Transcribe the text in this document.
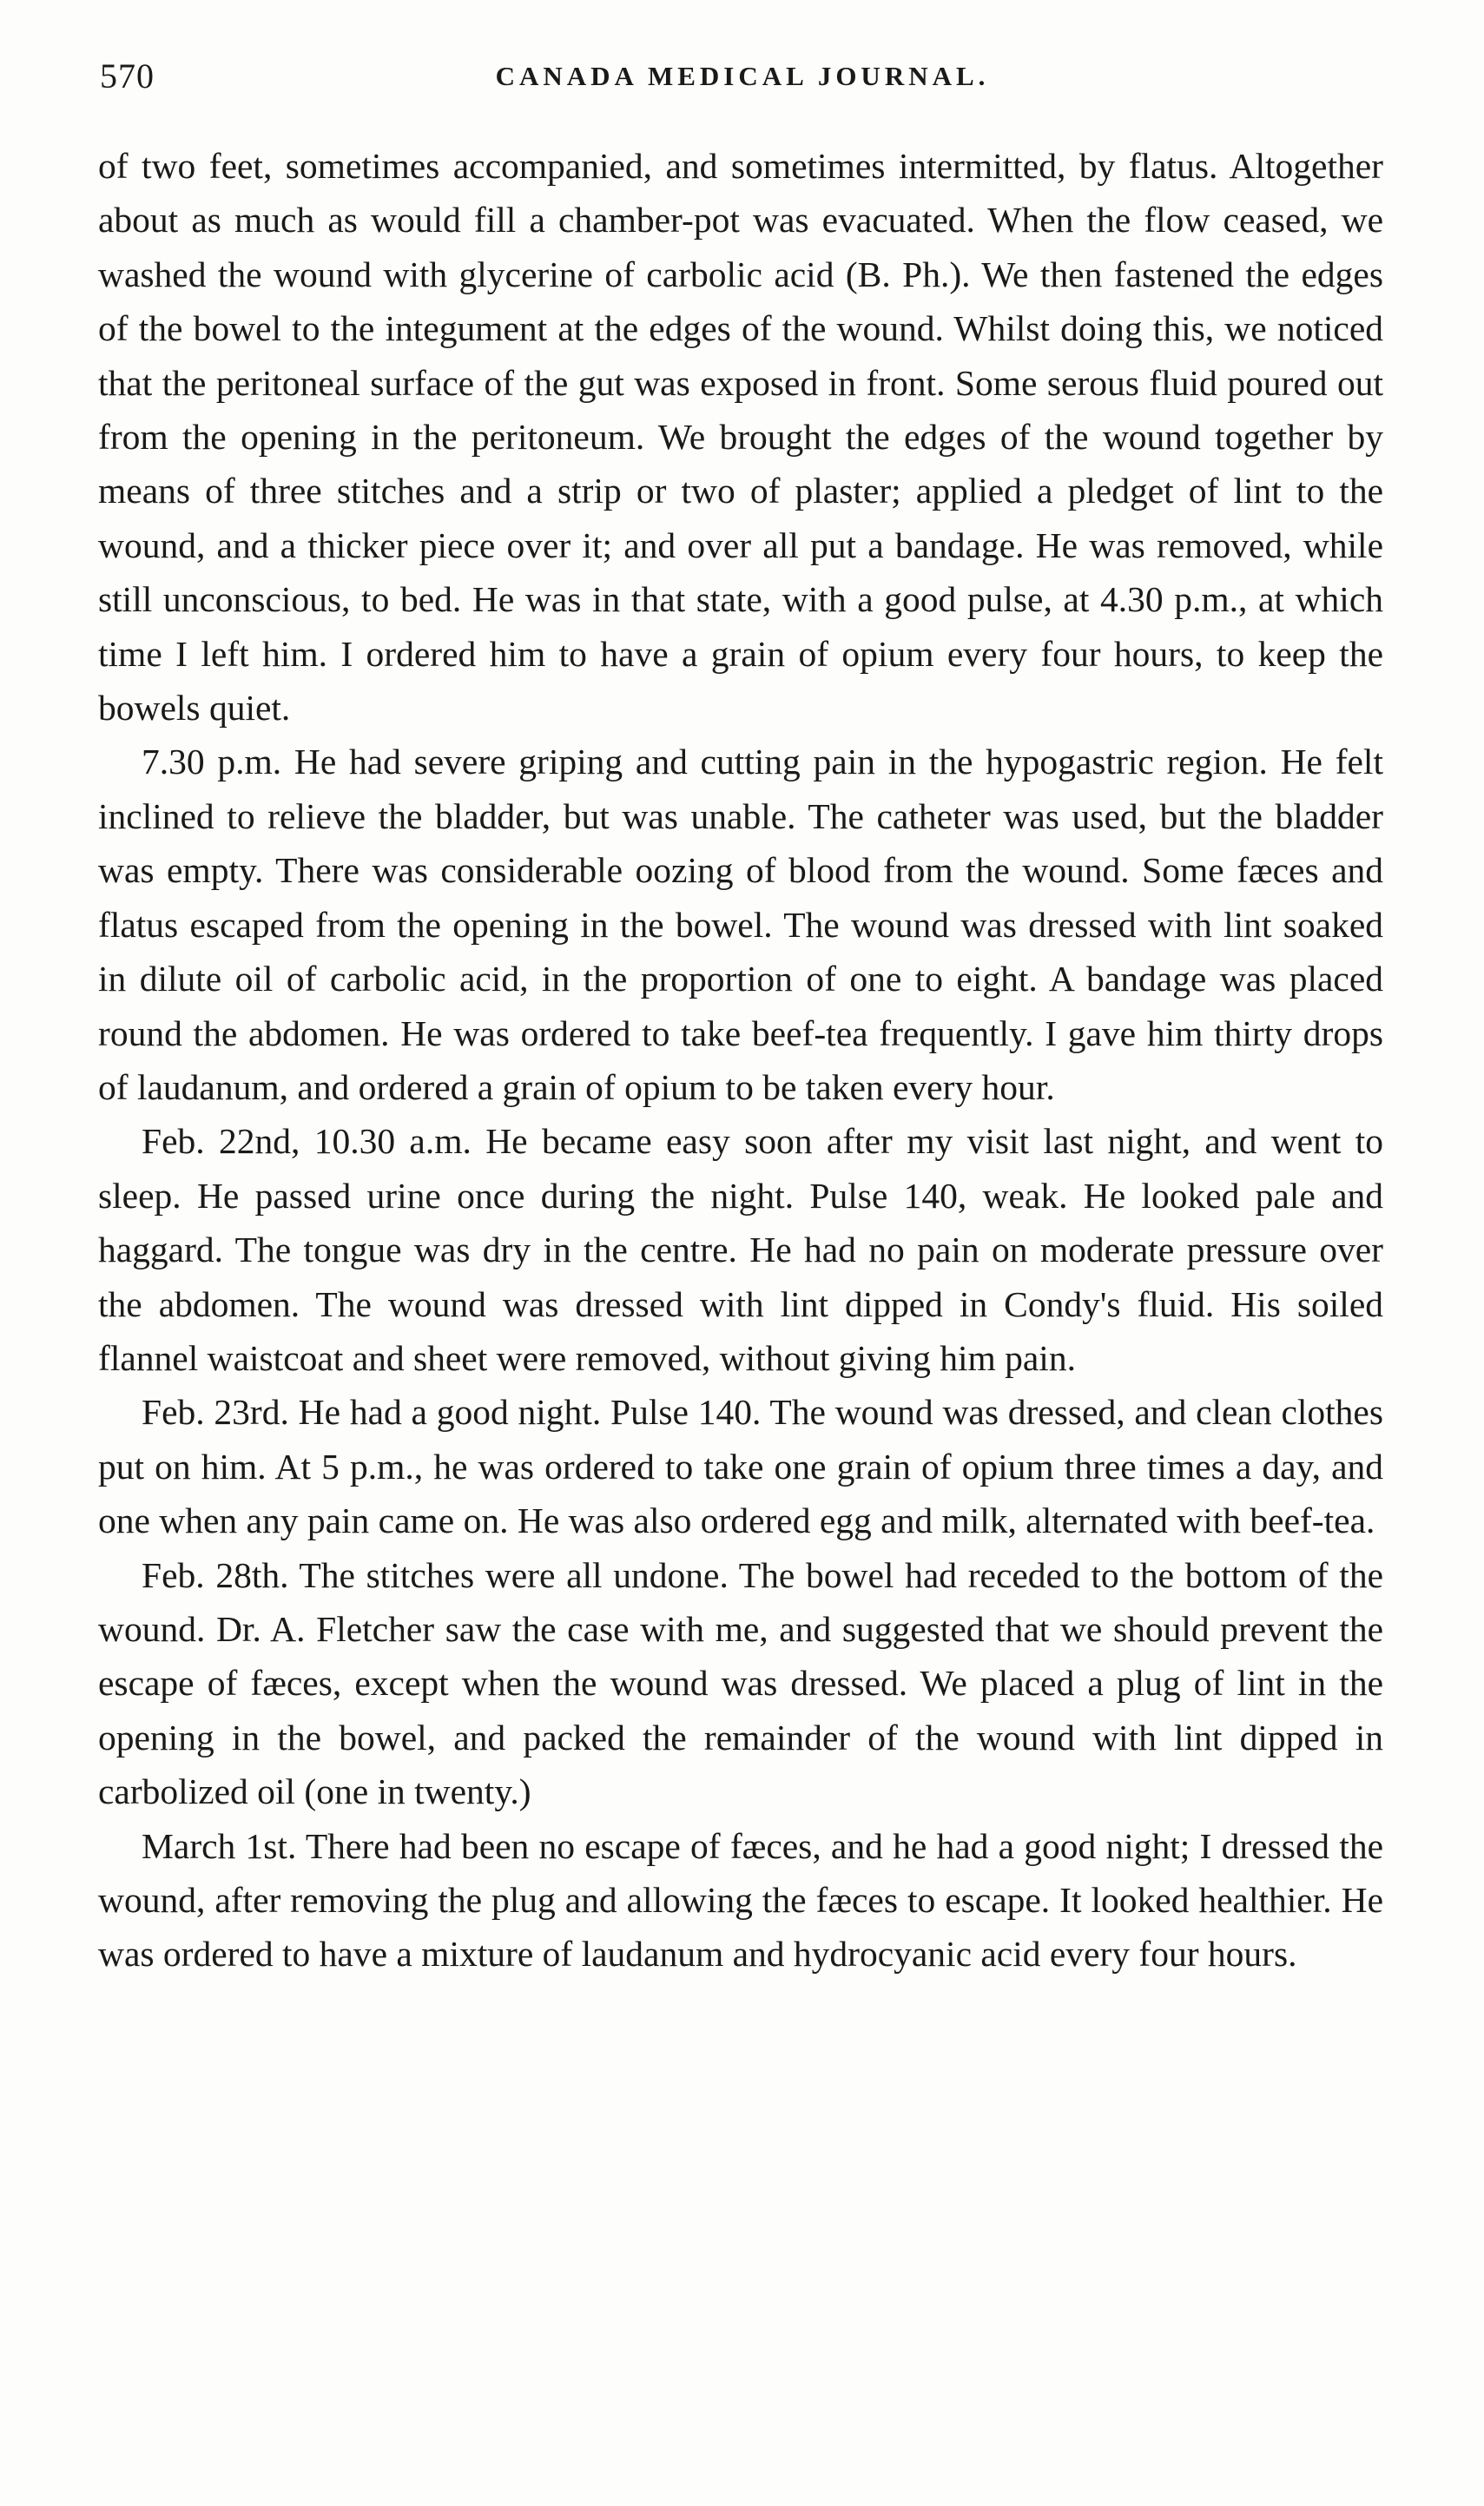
570	CANADA MEDICAL JOURNAL.

of two feet, sometimes accompanied, and sometimes intermitted, by flatus. Altogether about as much as would fill a chamber-pot was evacuated. When the flow ceased, we washed the wound with glycerine of carbolic acid (B. Ph.). We then fastened the edges of the bowel to the integument at the edges of the wound. Whilst doing this, we noticed that the peritoneal surface of the gut was exposed in front. Some serous fluid poured out from the opening in the peritoneum. We brought the edges of the wound together by means of three stitches and a strip or two of plaster; applied a pledget of lint to the wound, and a thicker piece over it; and over all put a bandage. He was removed, while still unconscious, to bed. He was in that state, with a good pulse, at 4.30 p.m., at which time I left him. I ordered him to have a grain of opium every four hours, to keep the bowels quiet.

7.30 p.m. He had severe griping and cutting pain in the hypogastric region. He felt inclined to relieve the bladder, but was unable. The catheter was used, but the bladder was empty. There was considerable oozing of blood from the wound. Some fæces and flatus escaped from the opening in the bowel. The wound was dressed with lint soaked in dilute oil of carbolic acid, in the proportion of one to eight. A bandage was placed round the abdomen. He was ordered to take beef-tea frequently. I gave him thirty drops of laudanum, and ordered a grain of opium to be taken every hour.

Feb. 22nd, 10.30 a.m. He became easy soon after my visit last night, and went to sleep. He passed urine once during the night. Pulse 140, weak. He looked pale and haggard. The tongue was dry in the centre. He had no pain on moderate pressure over the abdomen. The wound was dressed with lint dipped in Condy's fluid. His soiled flannel waistcoat and sheet were removed, without giving him pain.

Feb. 23rd. He had a good night. Pulse 140. The wound was dressed, and clean clothes put on him. At 5 p.m., he was ordered to take one grain of opium three times a day, and one when any pain came on. He was also ordered egg and milk, alternated with beef-tea.

Feb. 28th. The stitches were all undone. The bowel had receded to the bottom of the wound. Dr. A. Fletcher saw the case with me, and suggested that we should prevent the escape of fæces, except when the wound was dressed. We placed a plug of lint in the opening in the bowel, and packed the remainder of the wound with lint dipped in carbolized oil (one in twenty.)

March 1st. There had been no escape of fæces, and he had a good night; I dressed the wound, after removing the plug and allowing the fæces to escape. It looked healthier. He was ordered to have a mixture of laudanum and hydrocyanic acid every four hours.
